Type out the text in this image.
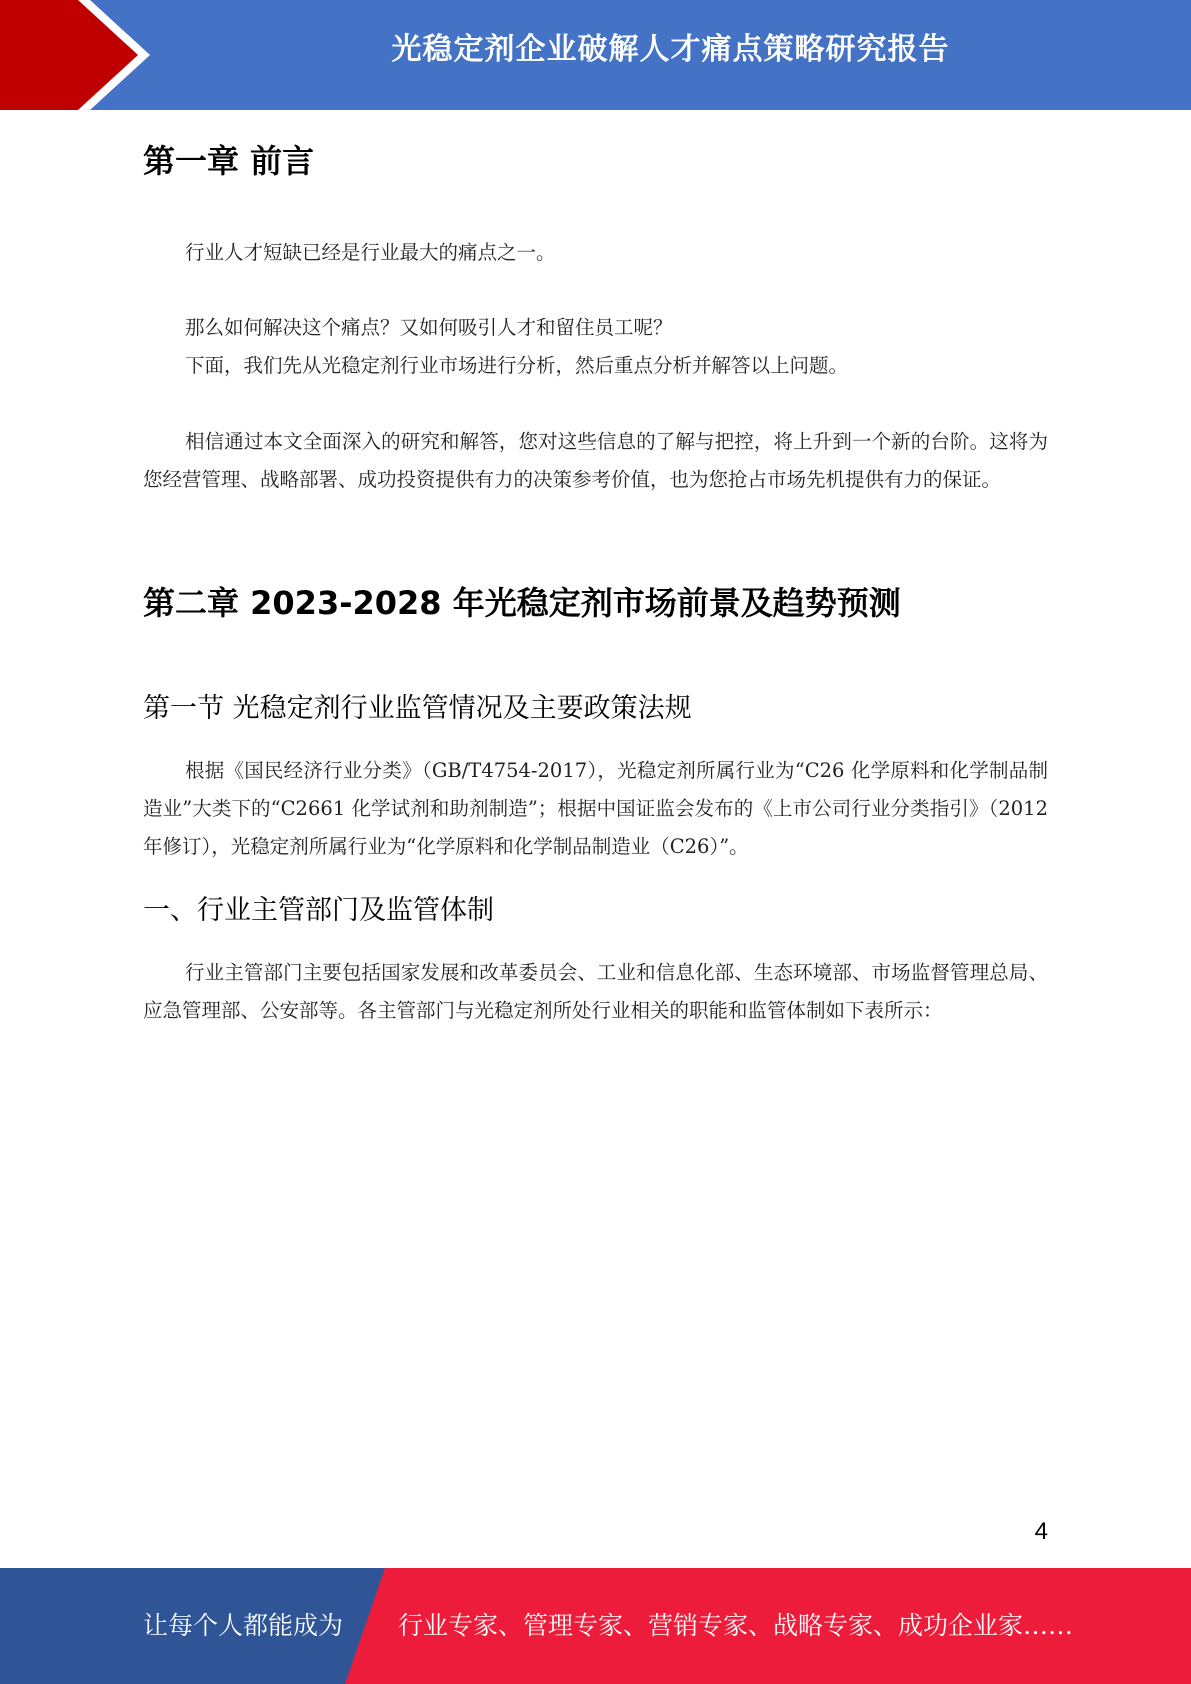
光稳定剂企业破解人才痛点策略研究报告
第一章 前言

行业人才短缺已经是行业最大的痛点之一。

那么如何解决这个痛点？又如何吸引人才和留住员工呢？

下面，我们先从光稳定剂行业市场进行分析，然后重点分析并解答以上问题。

相信通过本文全面深入的研究和解答，您对这些信息的了解与把控，将上升到一个新的台阶。这将为您经营管理、战略部署、成功投资提供有力的决策参考价值，也为您抢占市场先机提供有力的保证。

第二章 2023-2028 年光稳定剂市场前景及趋势预测
第一节 光稳定剂行业监管情况及主要政策法规

根据《国民经济行业分类》（GB/T4754-2017），光稳定剂所属行业为“C26 化学原料和化学制品制造业”大类下的“C2661 化学试剂和助剂制造”；根据中国证监会发布的《上市公司行业分类指引》（2012 年修订），光稳定剂所属行业为“化学原料和化学制品制造业（C26）”。

一、行业主管部门及监管体制

行业主管部门主要包括国家发展和改革委员会、工业和信息化部、生态环境部、市场监督管理总局、应急管理部、公安部等。各主管部门与光稳定剂所处行业相关的职能和监管体制如下表所示：

4
让每个人都能成为 行业专家、管理专家、营销专家、战略专家、成功企业家……
